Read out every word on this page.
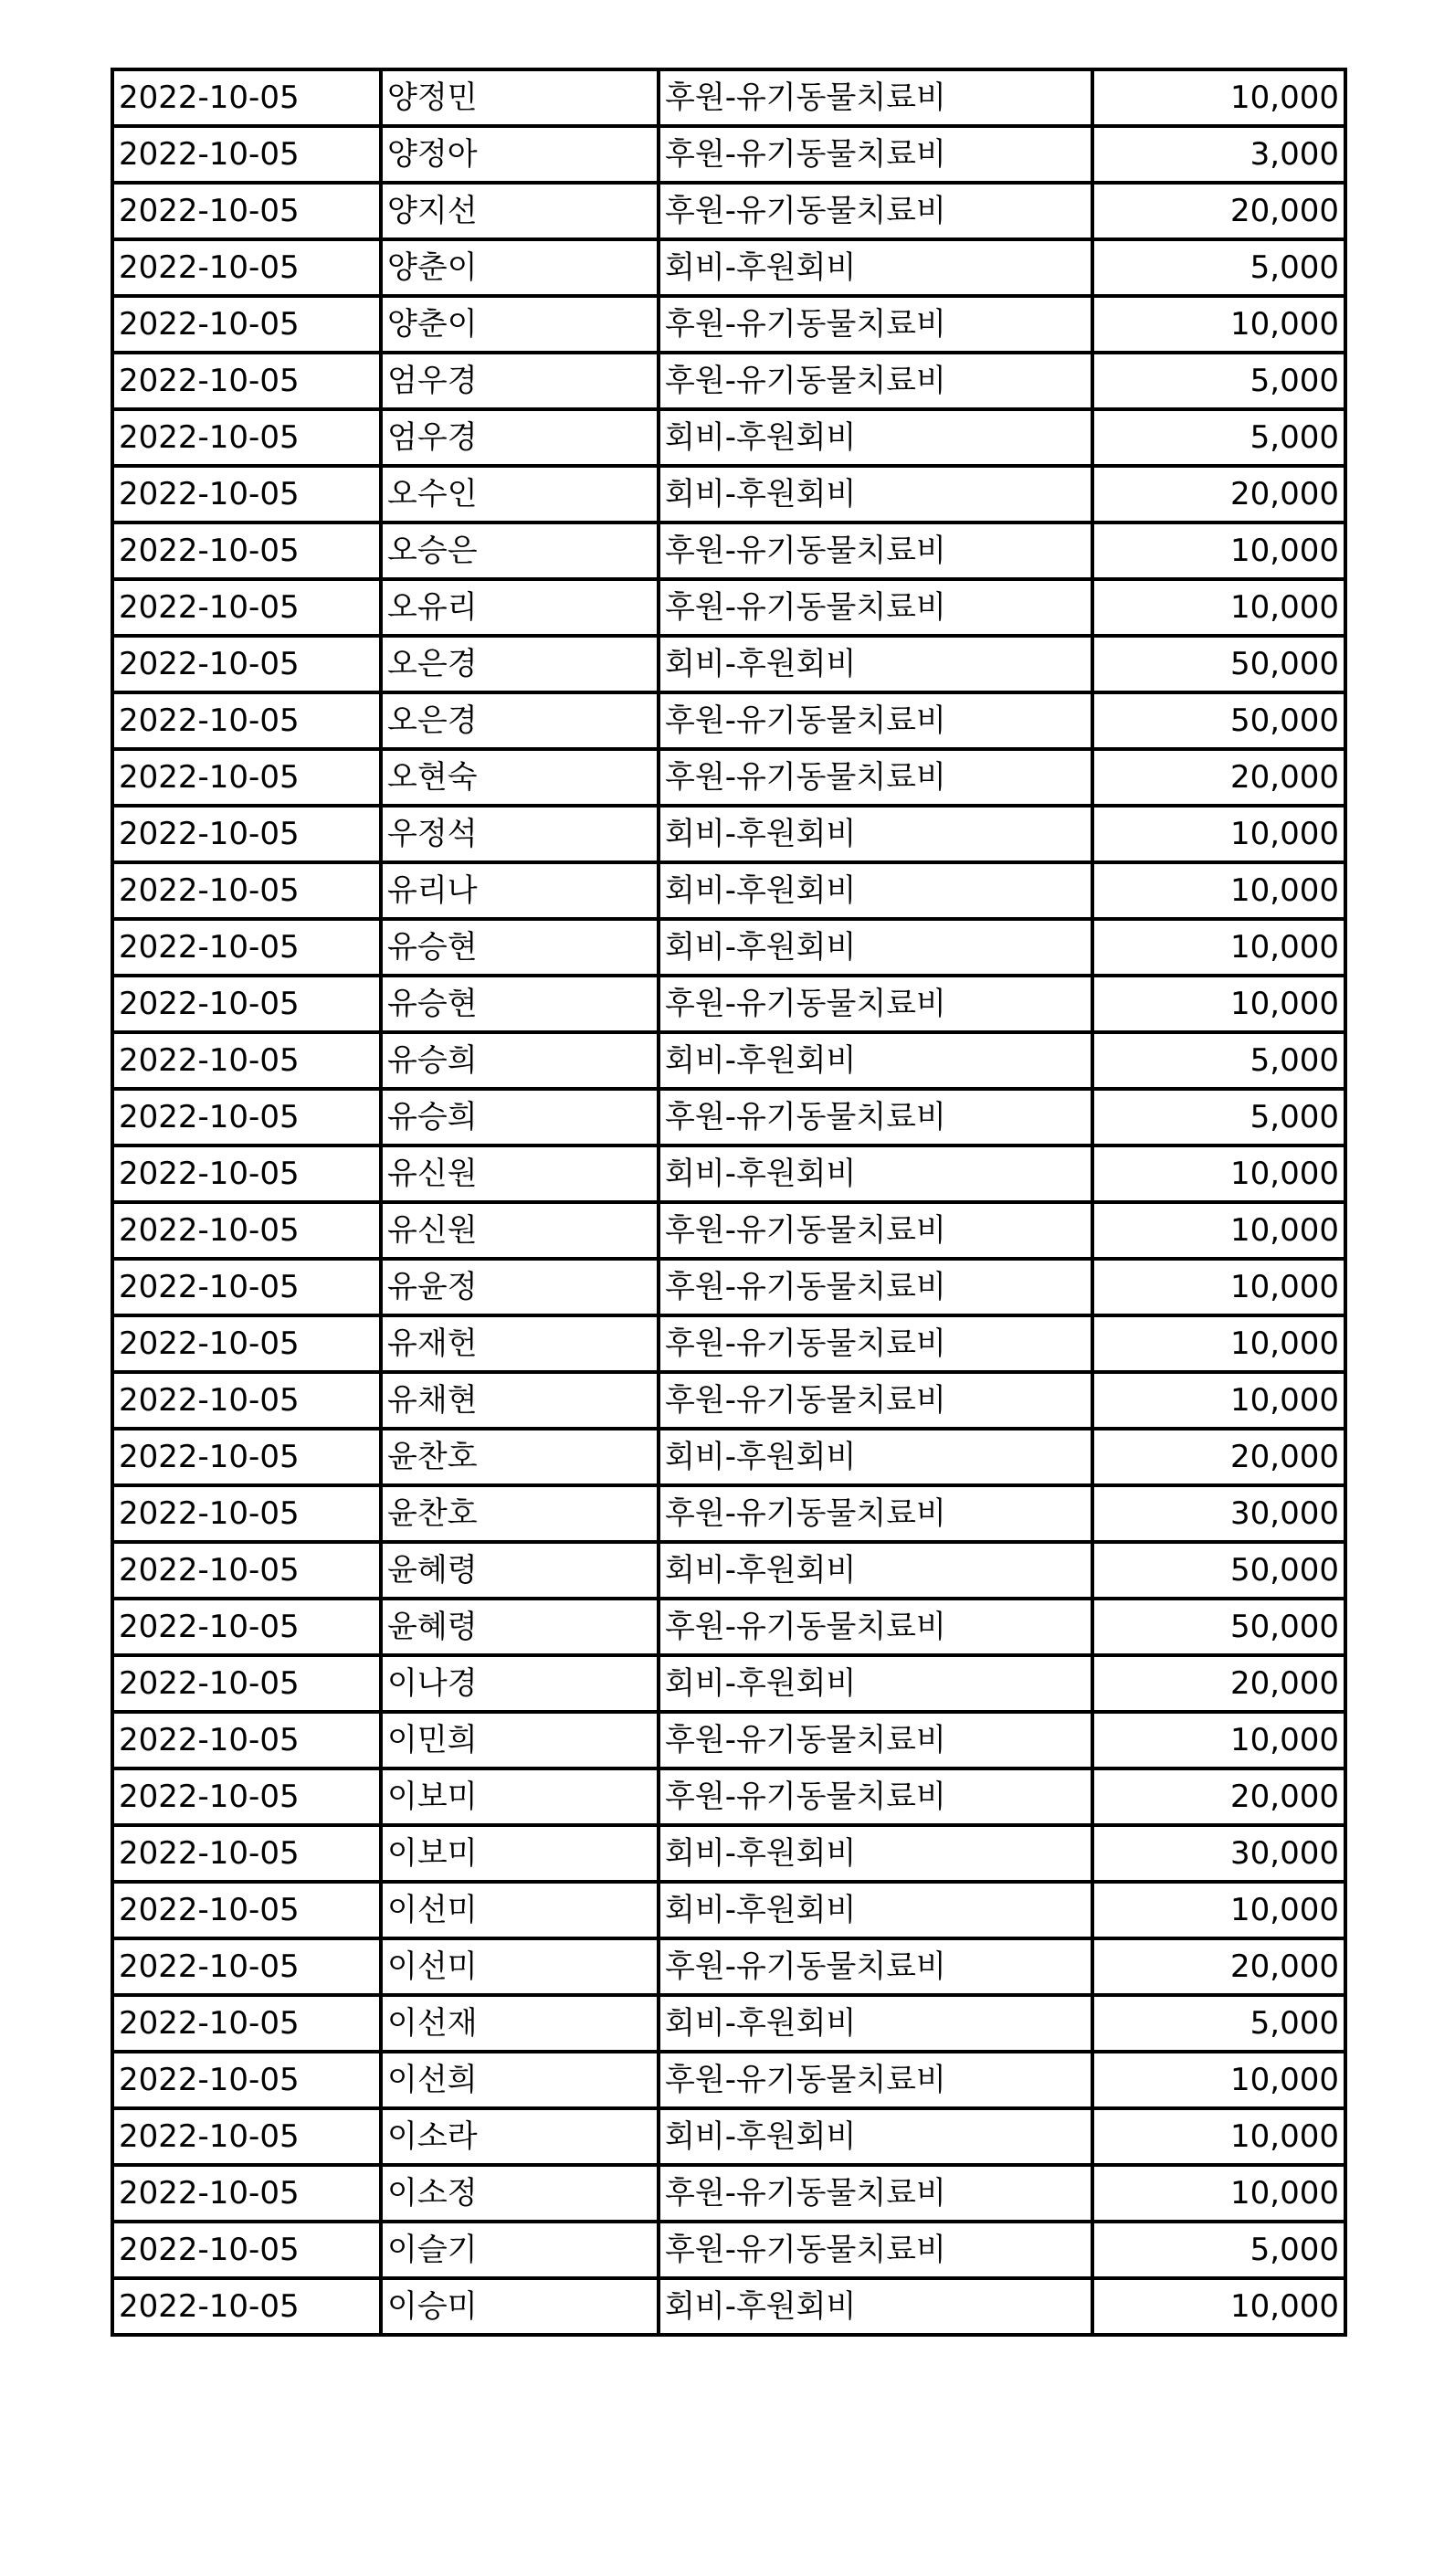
2022-10-05	양정민	후원-유기동물치료비	10,000
2022-10-05	양정아	후원-유기동물치료비	3,000
2022-10-05	양지선	후원-유기동물치료비	20,000
2022-10-05	양춘이	회비-후원회비	5,000
2022-10-05	양춘이	후원-유기동물치료비	10,000
2022-10-05	엄우경	후원-유기동물치료비	5,000
2022-10-05	엄우경	회비-후원회비	5,000
2022-10-05	오수인	회비-후원회비	20,000
2022-10-05	오승은	후원-유기동물치료비	10,000
2022-10-05	오유리	후원-유기동물치료비	10,000
2022-10-05	오은경	회비-후원회비	50,000
2022-10-05	오은경	후원-유기동물치료비	50,000
2022-10-05	오현숙	후원-유기동물치료비	20,000
2022-10-05	우정석	회비-후원회비	10,000
2022-10-05	유리나	회비-후원회비	10,000
2022-10-05	유승현	회비-후원회비	10,000
2022-10-05	유승현	후원-유기동물치료비	10,000
2022-10-05	유승희	회비-후원회비	5,000
2022-10-05	유승희	후원-유기동물치료비	5,000
2022-10-05	유신원	회비-후원회비	10,000
2022-10-05	유신원	후원-유기동물치료비	10,000
2022-10-05	유윤정	후원-유기동물치료비	10,000
2022-10-05	유재헌	후원-유기동물치료비	10,000
2022-10-05	유채현	후원-유기동물치료비	10,000
2022-10-05	윤찬호	회비-후원회비	20,000
2022-10-05	윤찬호	후원-유기동물치료비	30,000
2022-10-05	윤혜령	회비-후원회비	50,000
2022-10-05	윤혜령	후원-유기동물치료비	50,000
2022-10-05	이나경	회비-후원회비	20,000
2022-10-05	이민희	후원-유기동물치료비	10,000
2022-10-05	이보미	후원-유기동물치료비	20,000
2022-10-05	이보미	회비-후원회비	30,000
2022-10-05	이선미	회비-후원회비	10,000
2022-10-05	이선미	후원-유기동물치료비	20,000
2022-10-05	이선재	회비-후원회비	5,000
2022-10-05	이선희	후원-유기동물치료비	10,000
2022-10-05	이소라	회비-후원회비	10,000
2022-10-05	이소정	후원-유기동물치료비	10,000
2022-10-05	이슬기	후원-유기동물치료비	5,000
2022-10-05	이승미	회비-후원회비	10,000
